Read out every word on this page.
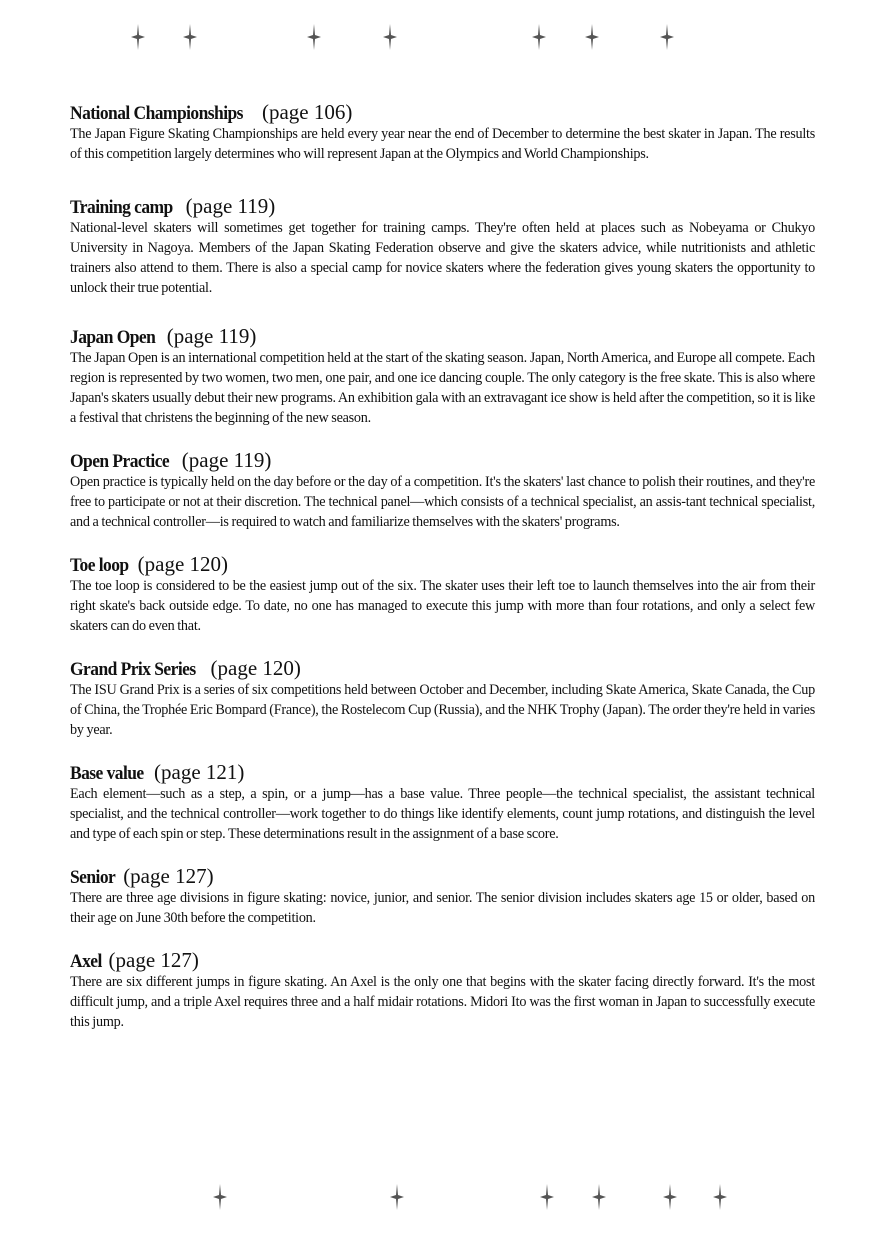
National Championships (page 106)

The Japan Figure Skating Championships are held every year near the end of December to determine the best skater in Japan. The results of this competition largely determines who will represent Japan at the Olympics and World Championships.

Training camp (page 119)

National-level skaters will sometimes get together for training camps. They're often held at places such as Nobeyama or Chukyo University in Nagoya. Members of the Japan Skating Federation observe and give the skaters advice, while nutritionists and athletic trainers also attend to them. There is also a special camp for novice skaters where the federation gives young skaters the opportunity to unlock their true potential.

Japan Open (page 119)

The Japan Open is an international competition held at the start of the skating season. Japan, North America, and Europe all compete. Each region is represented by two women, two men, one pair, and one ice dancing couple. The only category is the free skate. This is also where Japan's skaters usually debut their new programs. An exhibition gala with an extravagant ice show is held after the competition, so it is like a festival that christens the beginning of the new season.

Open Practice (page 119)

Open practice is typically held on the day before or the day of a competition. It's the skaters' last chance to polish their routines, and they're free to participate or not at their discretion. The technical panel—which consists of a technical specialist, an assis-tant technical specialist, and a technical controller—is required to watch and familiarize themselves with the skaters' programs.

Toe loop (page 120)

The toe loop is considered to be the easiest jump out of the six. The skater uses their left toe to launch themselves into the air from their right skate's back outside edge. To date, no one has managed to execute this jump with more than four rotations, and only a select few skaters can do even that.

Grand Prix Series (page 120)

The ISU Grand Prix is a series of six competitions held between October and December, including Skate America, Skate Canada, the Cup of China, the Trophée Eric Bompard (France), the Rostelecom Cup (Russia), and the NHK Trophy (Japan). The order they're held in varies by year.

Base value (page 121)

Each element—such as a step, a spin, or a jump—has a base value. Three people—the technical specialist, the assistant technical specialist, and the technical controller—work together to do things like identify elements, count jump rotations, and distinguish the level and type of each spin or step. These determinations result in the assignment of a base score.

Senior (page 127)

There are three age divisions in figure skating: novice, junior, and senior. The senior division includes skaters age 15 or older, based on their age on June 30th before the competition.

Axel (page 127)

There are six different jumps in figure skating. An Axel is the only one that begins with the skater facing directly forward. It's the most difficult jump, and a triple Axel requires three and a half midair rotations. Midori Ito was the first woman in Japan to successfully execute this jump.
